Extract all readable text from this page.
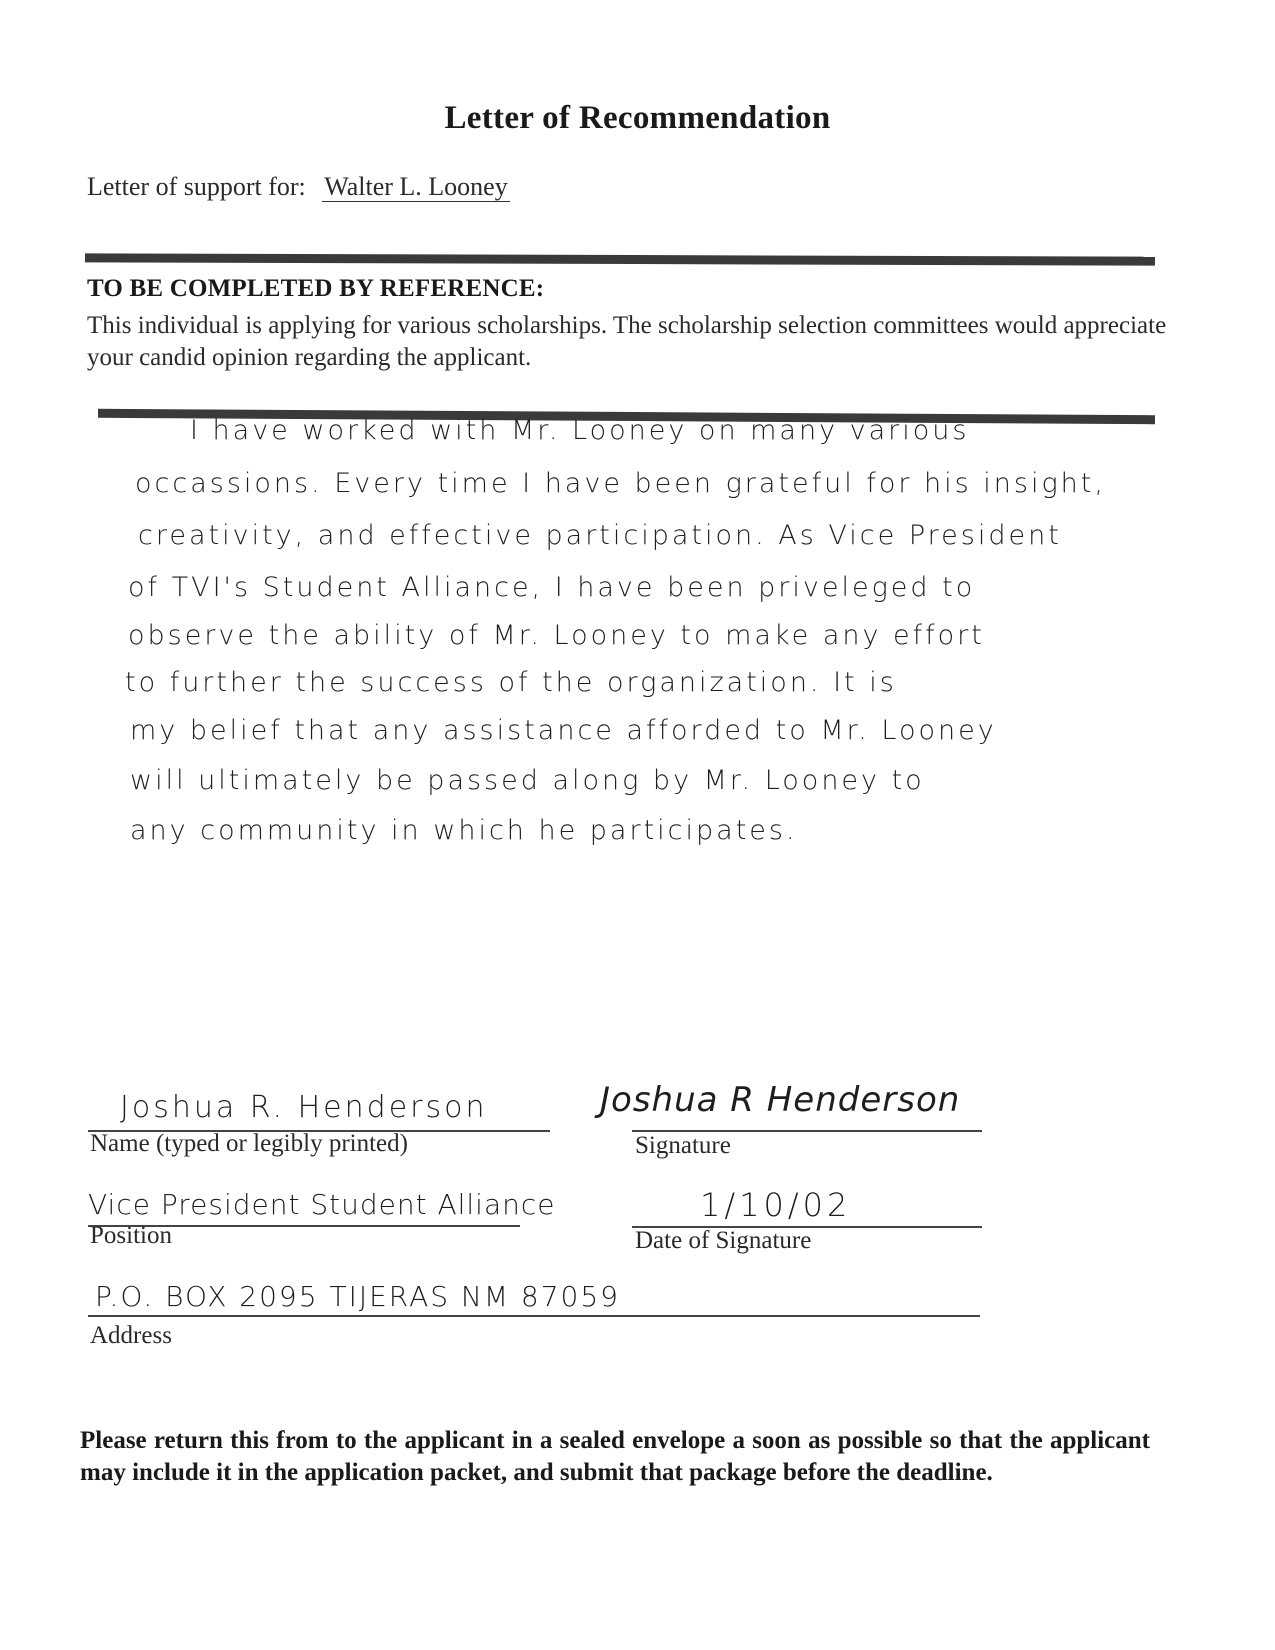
Letter of Recommendation
Letter of support for: Walter L. Looney
TO BE COMPLETED BY REFERENCE:
This individual is applying for various scholarships. The scholarship selection committees would appreciate your candid opinion regarding the applicant.
I have worked with Mr. Looney on many various
occassions. Every time I have been grateful for his insight,
creativity, and effective participation. As Vice President
of TVI's Student Alliance, I have been priveleged to
observe the ability of Mr. Looney to make any effort
to further the success of the organization. It is
my belief that any assistance afforded to Mr. Looney
will ultimately be passed along by Mr. Looney to
any community in which he participates.
Joshua R. Henderson
Name (typed or legibly printed)
Joshua R Henderson
Signature
Vice President Student Alliance
Position
1/10/02
Date of Signature
P.O. BOX 2095 TIJERAS NM 87059
Address
Please return this from to the applicant in a sealed envelope a soon as possible so that the applicant may include it in the application packet, and submit that package before the deadline.
